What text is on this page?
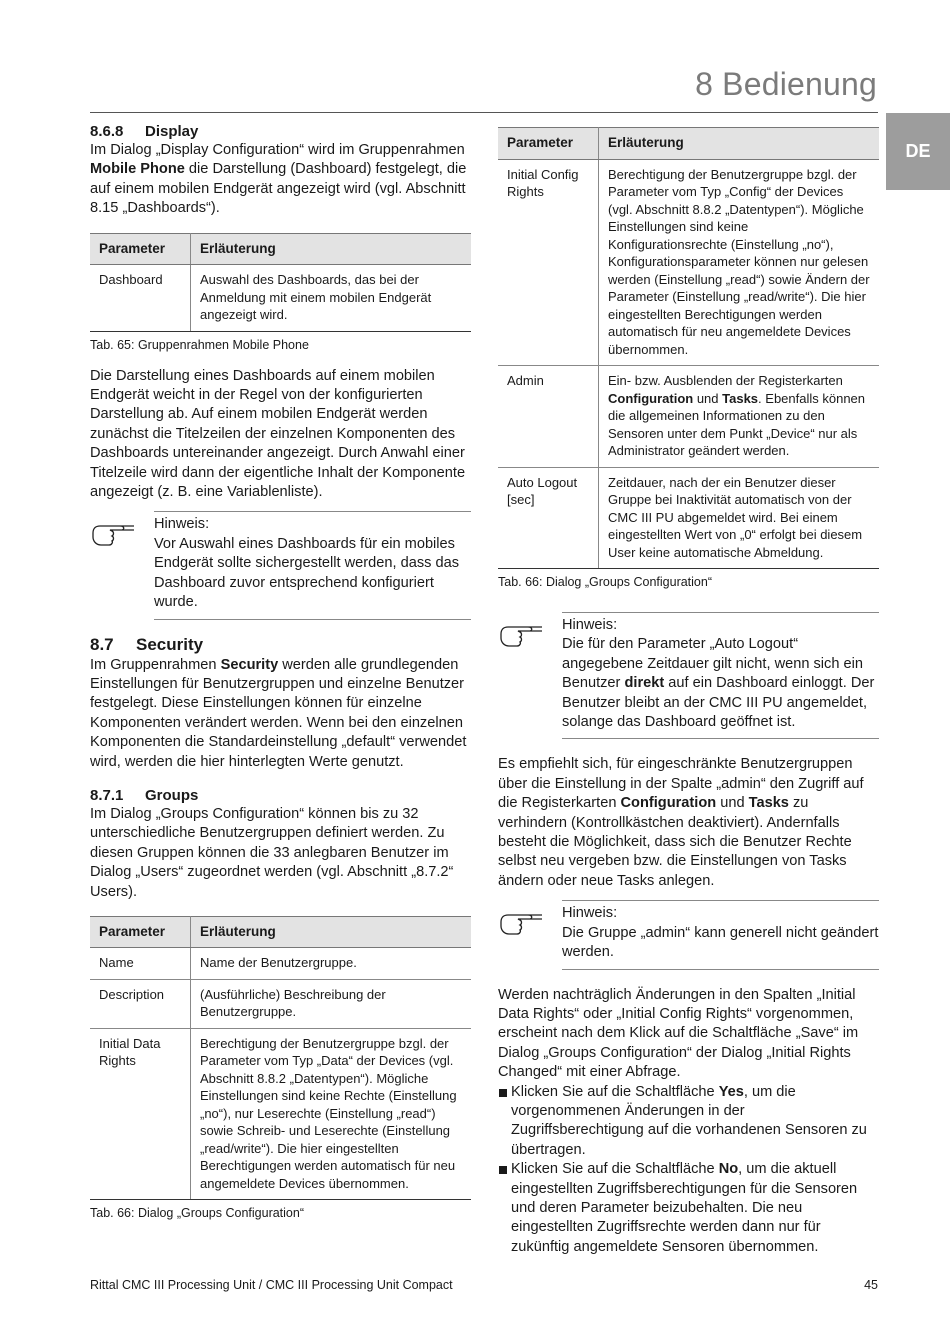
8 Bedienung
DE
8.6.8 Display

Im Dialog „Display Configuration“ wird im Gruppenrahmen Mobile Phone die Darstellung (Dashboard) festgelegt, die auf einem mobilen Endgerät angezeigt wird (vgl. Abschnitt 8.15 „Dashboards“).

Parameter	Erläuterung
Dashboard	Auswahl des Dashboards, das bei der Anmeldung mit einem mobilen Endgerät angezeigt wird.
Tab. 65: Gruppenrahmen Mobile Phone

Die Darstellung eines Dashboards auf einem mobilen Endgerät weicht in der Regel von der konfigurierten Darstellung ab. Auf einem mobilen Endgerät werden zunächst die Titelzeilen der einzelnen Komponenten des Dashboards untereinander angezeigt. Durch Anwahl einer Titelzeile wird dann der eigentliche Inhalt der Komponente angezeigt (z. B. eine Variablenliste).

Hinweis:

Vor Auswahl eines Dashboards für ein mobiles Endgerät sollte sichergestellt werden, dass das Dashboard zuvor entsprechend konfiguriert wurde.

8.7 Security

Im Gruppenrahmen Security werden alle grundlegenden Einstellungen für Benutzergruppen und einzelne Benutzer festgelegt. Diese Einstellungen können für einzelne Komponenten verändert werden. Wenn bei den einzelnen Komponenten die Standardeinstellung „default“ verwendet wird, werden die hier hinterlegten Werte genutzt.

8.7.1 Groups

Im Dialog „Groups Configuration“ können bis zu 32 unterschiedliche Benutzergruppen definiert werden. Zu diesen Gruppen können die 33 anlegbaren Benutzer im Dialog „Users“ zugeordnet werden (vgl. Abschnitt „8.7.2“ Users).

Parameter	Erläuterung
Name	Name der Benutzergruppe.
Description	(Ausführliche) Beschreibung der Benutzergruppe.
Initial Data Rights	Berechtigung der Benutzergruppe bzgl. der Parameter vom Typ „Data“ der Devices (vgl. Abschnitt 8.8.2 „Datentypen“). Mögliche Einstellungen sind keine Rechte (Einstellung „no“), nur Leserechte (Einstellung „read“) sowie Schreib- und Leserechte (Einstellung „read/write“). Die hier eingestellten Berechtigungen werden automatisch für neu angemeldete Devices übernommen.
Tab. 66: Dialog „Groups Configuration“
Parameter	Erläuterung
Initial Config Rights	Berechtigung der Benutzergruppe bzgl. der Parameter vom Typ „Config“ der Devices (vgl. Abschnitt 8.8.2 „Datentypen“). Mögliche Einstellungen sind keine Konfigurationsrechte (Einstellung „no“), Konfigurationsparameter können nur gelesen werden (Einstellung „read“) sowie Ändern der Parameter (Einstellung „read/write“). Die hier eingestellten Berechtigungen werden automatisch für neu angemeldete Devices übernommen.
Admin	Ein- bzw. Ausblenden der Registerkarten Configuration und Tasks. Ebenfalls können die allgemeinen Informationen zu den Sensoren unter dem Punkt „Device“ nur als Administrator geändert werden.
Auto Logout [sec]	Zeitdauer, nach der ein Benutzer dieser Gruppe bei Inaktivität automatisch von der CMC III PU abgemeldet wird. Bei einem eingestellten Wert von „0“ erfolgt bei diesem User keine automatische Abmeldung.
Tab. 66: Dialog „Groups Configuration“

Hinweis:

Die für den Parameter „Auto Logout“ angegebene Zeitdauer gilt nicht, wenn sich ein Benutzer direkt auf ein Dashboard einloggt. Der Benutzer bleibt an der CMC III PU angemeldet, solange das Dashboard geöffnet ist.

Es empfiehlt sich, für eingeschränkte Benutzergruppen über die Einstellung in der Spalte „admin“ den Zugriff auf die Registerkarten Configuration und Tasks zu verhindern (Kontrollkästchen deaktiviert). Andernfalls besteht die Möglichkeit, dass sich die Benutzer Rechte selbst neu vergeben bzw. die Einstellungen von Tasks ändern oder neue Tasks anlegen.

Hinweis:

Die Gruppe „admin“ kann generell nicht geändert werden.

Werden nachträglich Änderungen in den Spalten „Initial Data Rights“ oder „Initial Config Rights“ vorgenommen, erscheint nach dem Klick auf die Schaltfläche „Save“ im Dialog „Groups Configuration“ der Dialog „Initial Rights Changed“ mit einer Abfrage.

Klicken Sie auf die Schaltfläche Yes, um die vorgenommenen Änderungen in der Zugriffsberechtigung auf die vorhandenen Sensoren zu übertragen.
Klicken Sie auf die Schaltfläche No, um die aktuell eingestellten Zugriffsberechtigungen für die Sensoren und deren Parameter beizubehalten. Die neu eingestellten Zugriffsrechte werden dann nur für zukünftig angemeldete Sensoren übernommen.
Rittal CMC III Processing Unit / CMC III Processing Unit Compact	45
